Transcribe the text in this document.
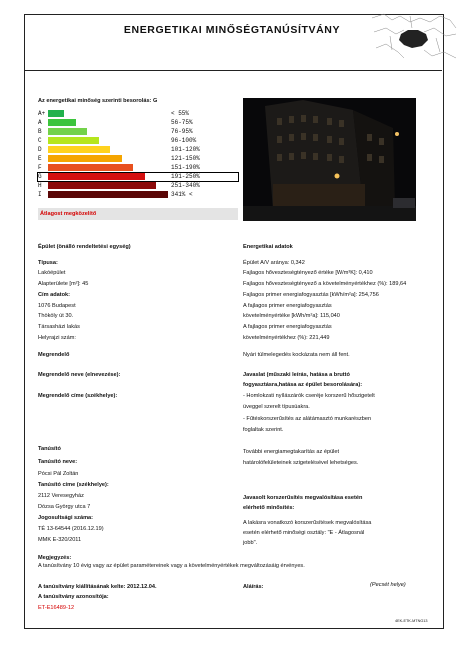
ENERGETIKAI MINŐSÉGTANÚSÍTVÁNY
Az energetikai minőség szerinti besorolás: G
A+	< 55%
A	56-75%
B	76-95%
C	96-100%
D	101-120%
E	121-150%
F	151-190%
G	191-250%
H	251-340%
I	341% <
Átlagost megközelítő
Épület (önálló rendeltetési egység)
Típusa:
Lakóépület
Alapterülete [m²]: 45
Cím adatok:
1076 Budapest
Thököly út 30.
Társasházi lakás
Helyrajzi szám:
Energetikai adatok
Épület A/V aránya: 0,342
Fajlagos hőveszteségtényező értéke [W/m³K]: 0,410
Fajlagos hőveszteségtényező a követelményértékhez (%): 189,64
Fajlagos primer energiafogyasztás [kWh/m²a]: 254,756
A fajlagos primer energiafogyasztás
követelményértéke [kWh/m²a]: 115,040
A fajlagos primer energiafogyasztás
követelményértékhez (%): 221,449
Megrendelő
Megrendelő neve (elnevezése):
Megrendelő címe (székhelye):
Nyári túlmelegedés kockázata nem áll fent.
Javaslat (műszaki leírás, hatása a bruttó
fogyasztásra,hatása az épület besorolására):
- Homlokzati nyílászárók cseréje korszerű hőszigetelt
üveggel szerelt típusúakra.
- Fűtéskorszerűsítés az alátámasztó munkarészben
foglaltak szerint.
További energiamegtakarítás az épület
határolófelületeinek szigetelésével lehetséges.
Tanúsító
Tanúsító neve:
Pócsi Pál Zoltán
Tanúsító címe (székhelye):
2112 Veresegyház
Dózsa György utca 7
Jogosultsági száma:
TÉ 13-64544 (2016.12.19)
MMK E-320/2011
Javasolt korszerűsítés megvalósítása esetén
elérhető minősítés:
A lakásra vonatkozó korszerűsítések megvalósítása
esetén elérhető minőségi osztály: "E - Átlagosnál
jobb".
Megjegyzés:
A tanúsítvány 10 évig vagy az épület paramétereinek vagy a követelményértékek megváltozásáig érvényes.
A tanúsítvány kiállításának kelte: 2012.12.04.
A tanúsítvány azonosítója:
ET-E16489-12
Aláírás:	(Pecsét helye)
4EK-ETK-MTNG13
